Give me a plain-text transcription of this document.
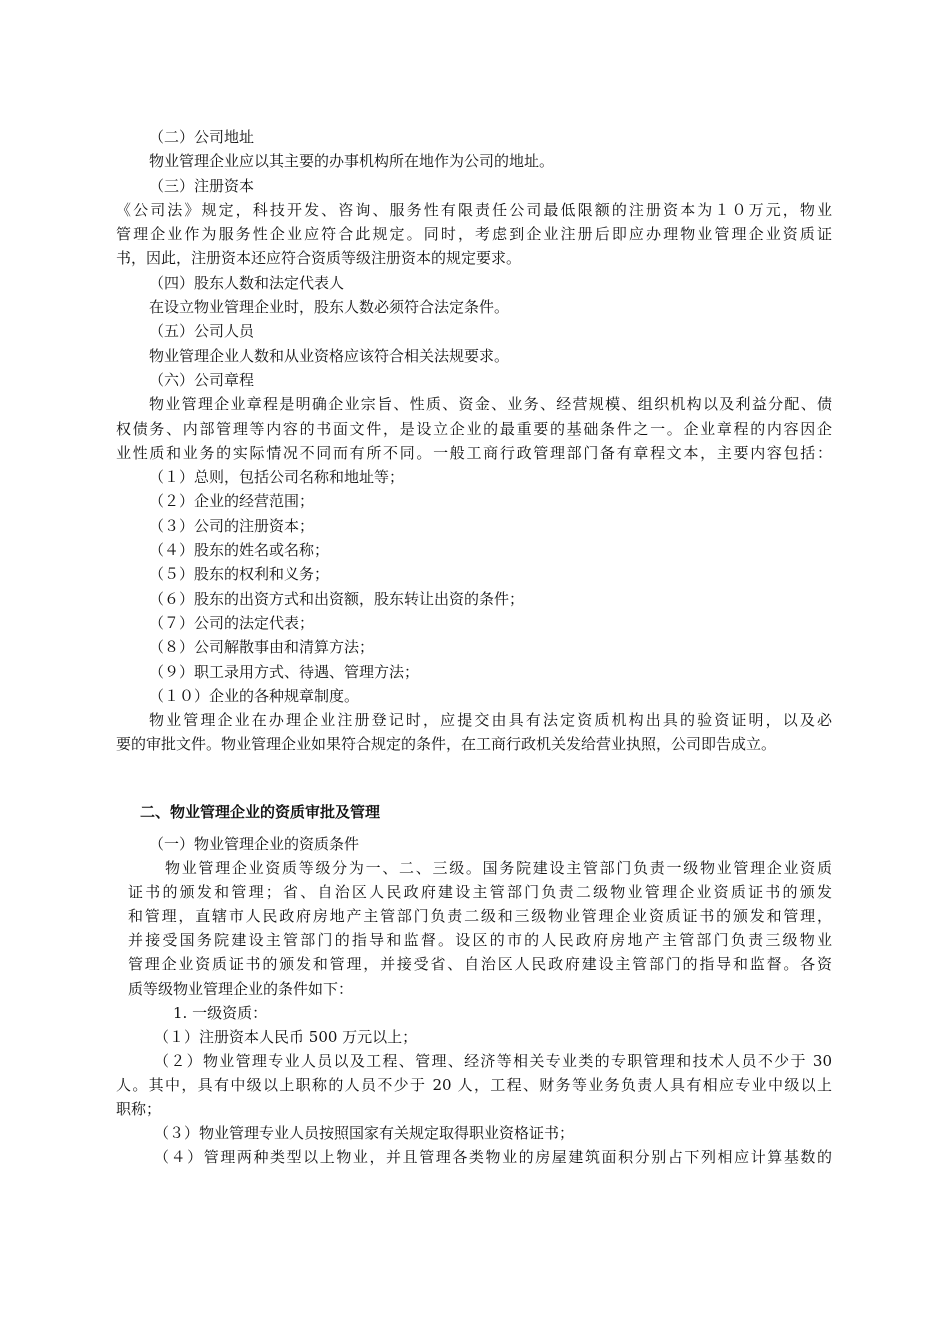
（二）公司地址
物业管理企业应以其主要的办事机构所在地作为公司的地址。
（三）注册资本
《公司法》规定，科技开发、咨询、服务性有限责任公司最低限额的注册资本为１０万元，物业
管理企业作为服务性企业应符合此规定。同时，考虑到企业注册后即应办理物业管理企业资质证
书，因此，注册资本还应符合资质等级注册资本的规定要求。
（四）股东人数和法定代表人
在设立物业管理企业时，股东人数必须符合法定条件。
（五）公司人员
物业管理企业人数和从业资格应该符合相关法规要求。
（六）公司章程
物业管理企业章程是明确企业宗旨、性质、资金、业务、经营规模、组织机构以及利益分配、债
权债务、内部管理等内容的书面文件，是设立企业的最重要的基础条件之一。企业章程的内容因企
业性质和业务的实际情况不同而有所不同。一般工商行政管理部门备有章程文本，主要内容包括：
（１）总则，包括公司名称和地址等；
（２）企业的经营范围；
（３）公司的注册资本；
（４）股东的姓名或名称；
（５）股东的权利和义务；
（６）股东的出资方式和出资额，股东转让出资的条件；
（７）公司的法定代表；
（８）公司解散事由和清算方法；
（９）职工录用方式、待遇、管理方法；
（１０）企业的各种规章制度。
物业管理企业在办理企业注册登记时，应提交由具有法定资质机构出具的验资证明，以及必
要的审批文件。物业管理企业如果符合规定的条件，在工商行政机关发给营业执照，公司即告成立。
二、物业管理企业的资质审批及管理
（一）物业管理企业的资质条件
物业管理企业资质等级分为一、二、三级。国务院建设主管部门负责一级物业管理企业资质
证书的颁发和管理；省、自治区人民政府建设主管部门负责二级物业管理企业资质证书的颁发
和管理，直辖市人民政府房地产主管部门负责二级和三级物业管理企业资质证书的颁发和管理，
并接受国务院建设主管部门的指导和监督。设区的市的人民政府房地产主管部门负责三级物业
管理企业资质证书的颁发和管理，并接受省、自治区人民政府建设主管部门的指导和监督。各资
质等级物业管理企业的条件如下：
1. 一级资质：
（１）注册资本人民币 500 万元以上；
（２）物业管理专业人员以及工程、管理、经济等相关专业类的专职管理和技术人员不少于 30
人。其中，具有中级以上职称的人员不少于 20 人，工程、财务等业务负责人具有相应专业中级以上
职称；
（３）物业管理专业人员按照国家有关规定取得职业资格证书；
（４）管理两种类型以上物业，并且管理各类物业的房屋建筑面积分别占下列相应计算基数的
